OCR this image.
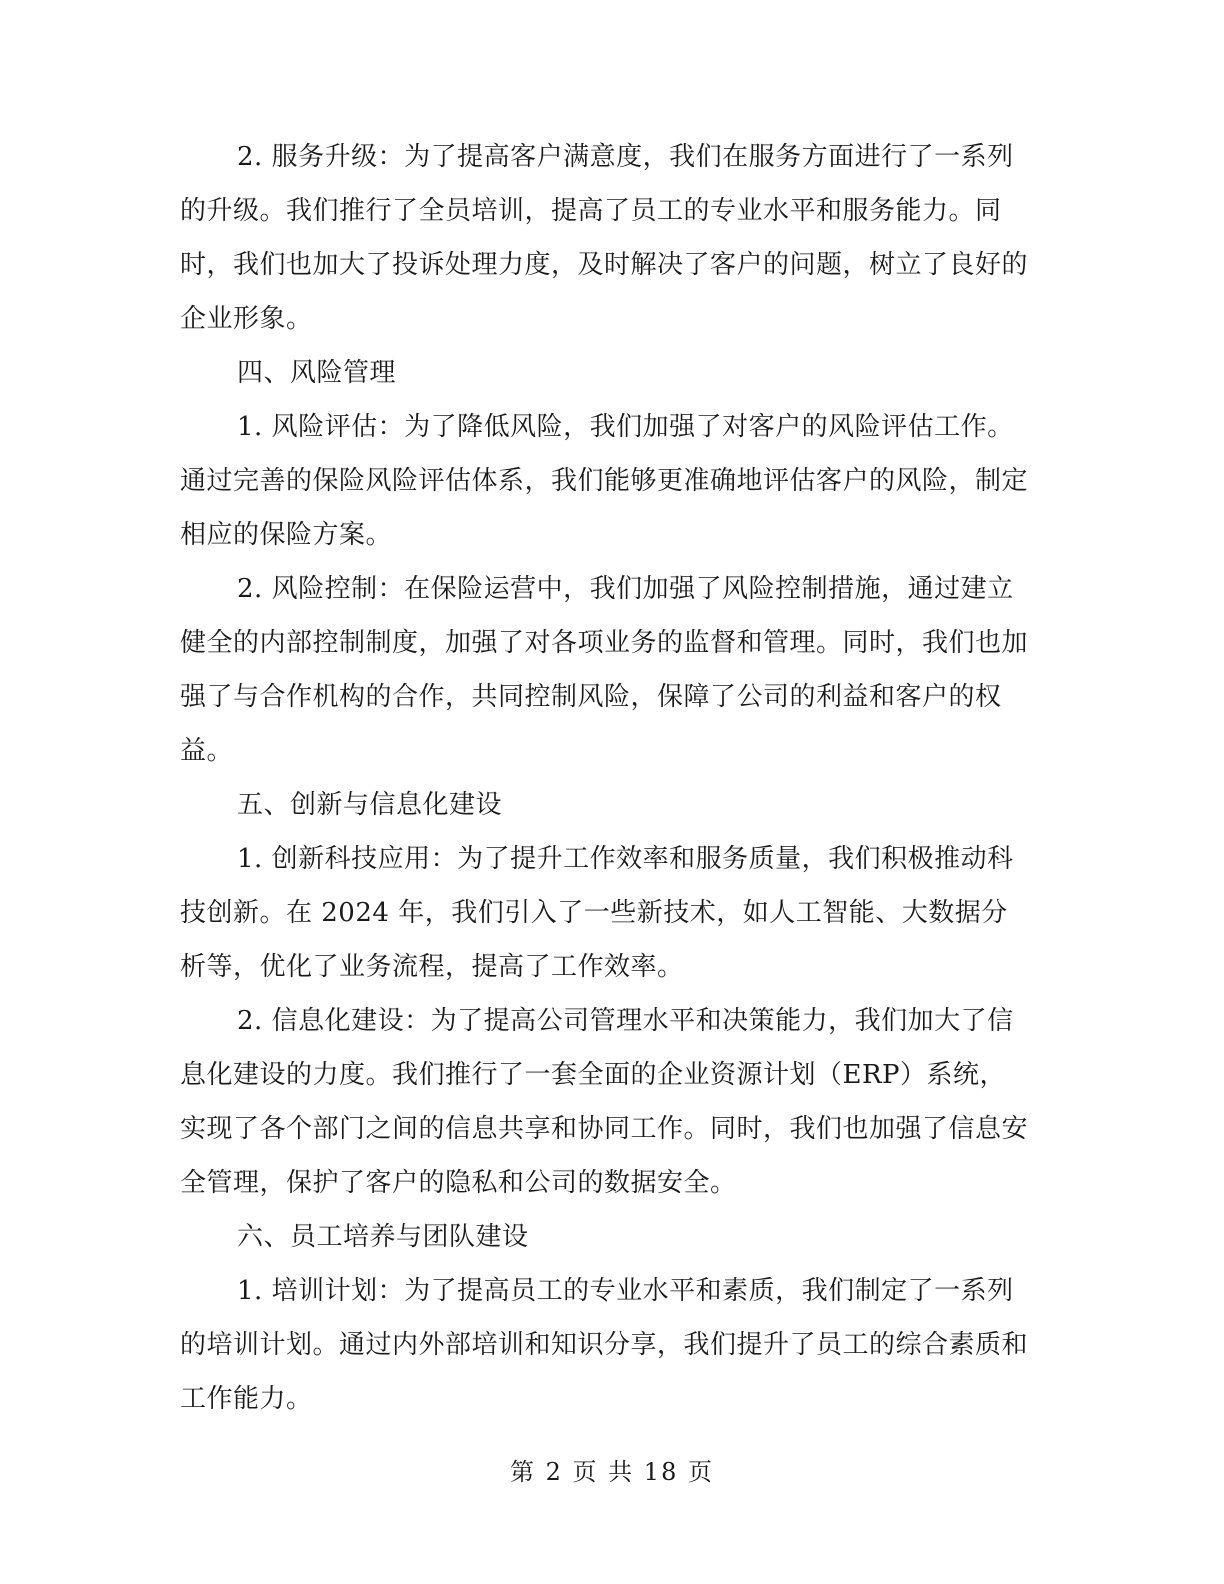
2. 服务升级：为了提高客户满意度，我们在服务方面进行了一系列的升级。我们推行了全员培训，提高了员工的专业水平和服务能力。同时，我们也加大了投诉处理力度，及时解决了客户的问题，树立了良好的企业形象。

四、风险管理

1. 风险评估：为了降低风险，我们加强了对客户的风险评估工作。通过完善的保险风险评估体系，我们能够更准确地评估客户的风险，制定相应的保险方案。

2. 风险控制：在保险运营中，我们加强了风险控制措施，通过建立健全的内部控制制度，加强了对各项业务的监督和管理。同时，我们也加强了与合作机构的合作，共同控制风险，保障了公司的利益和客户的权益。

五、创新与信息化建设

1. 创新科技应用：为了提升工作效率和服务质量，我们积极推动科技创新。在 2024 年，我们引入了一些新技术，如人工智能、大数据分析等，优化了业务流程，提高了工作效率。

2. 信息化建设：为了提高公司管理水平和决策能力，我们加大了信息化建设的力度。我们推行了一套全面的企业资源计划（ERP）系统，实现了各个部门之间的信息共享和协同工作。同时，我们也加强了信息安全管理，保护了客户的隐私和公司的数据安全。

六、员工培养与团队建设

1. 培训计划：为了提高员工的专业水平和素质，我们制定了一系列的培训计划。通过内外部培训和知识分享，我们提升了员工的综合素质和工作能力。

第 2 页 共 18 页
